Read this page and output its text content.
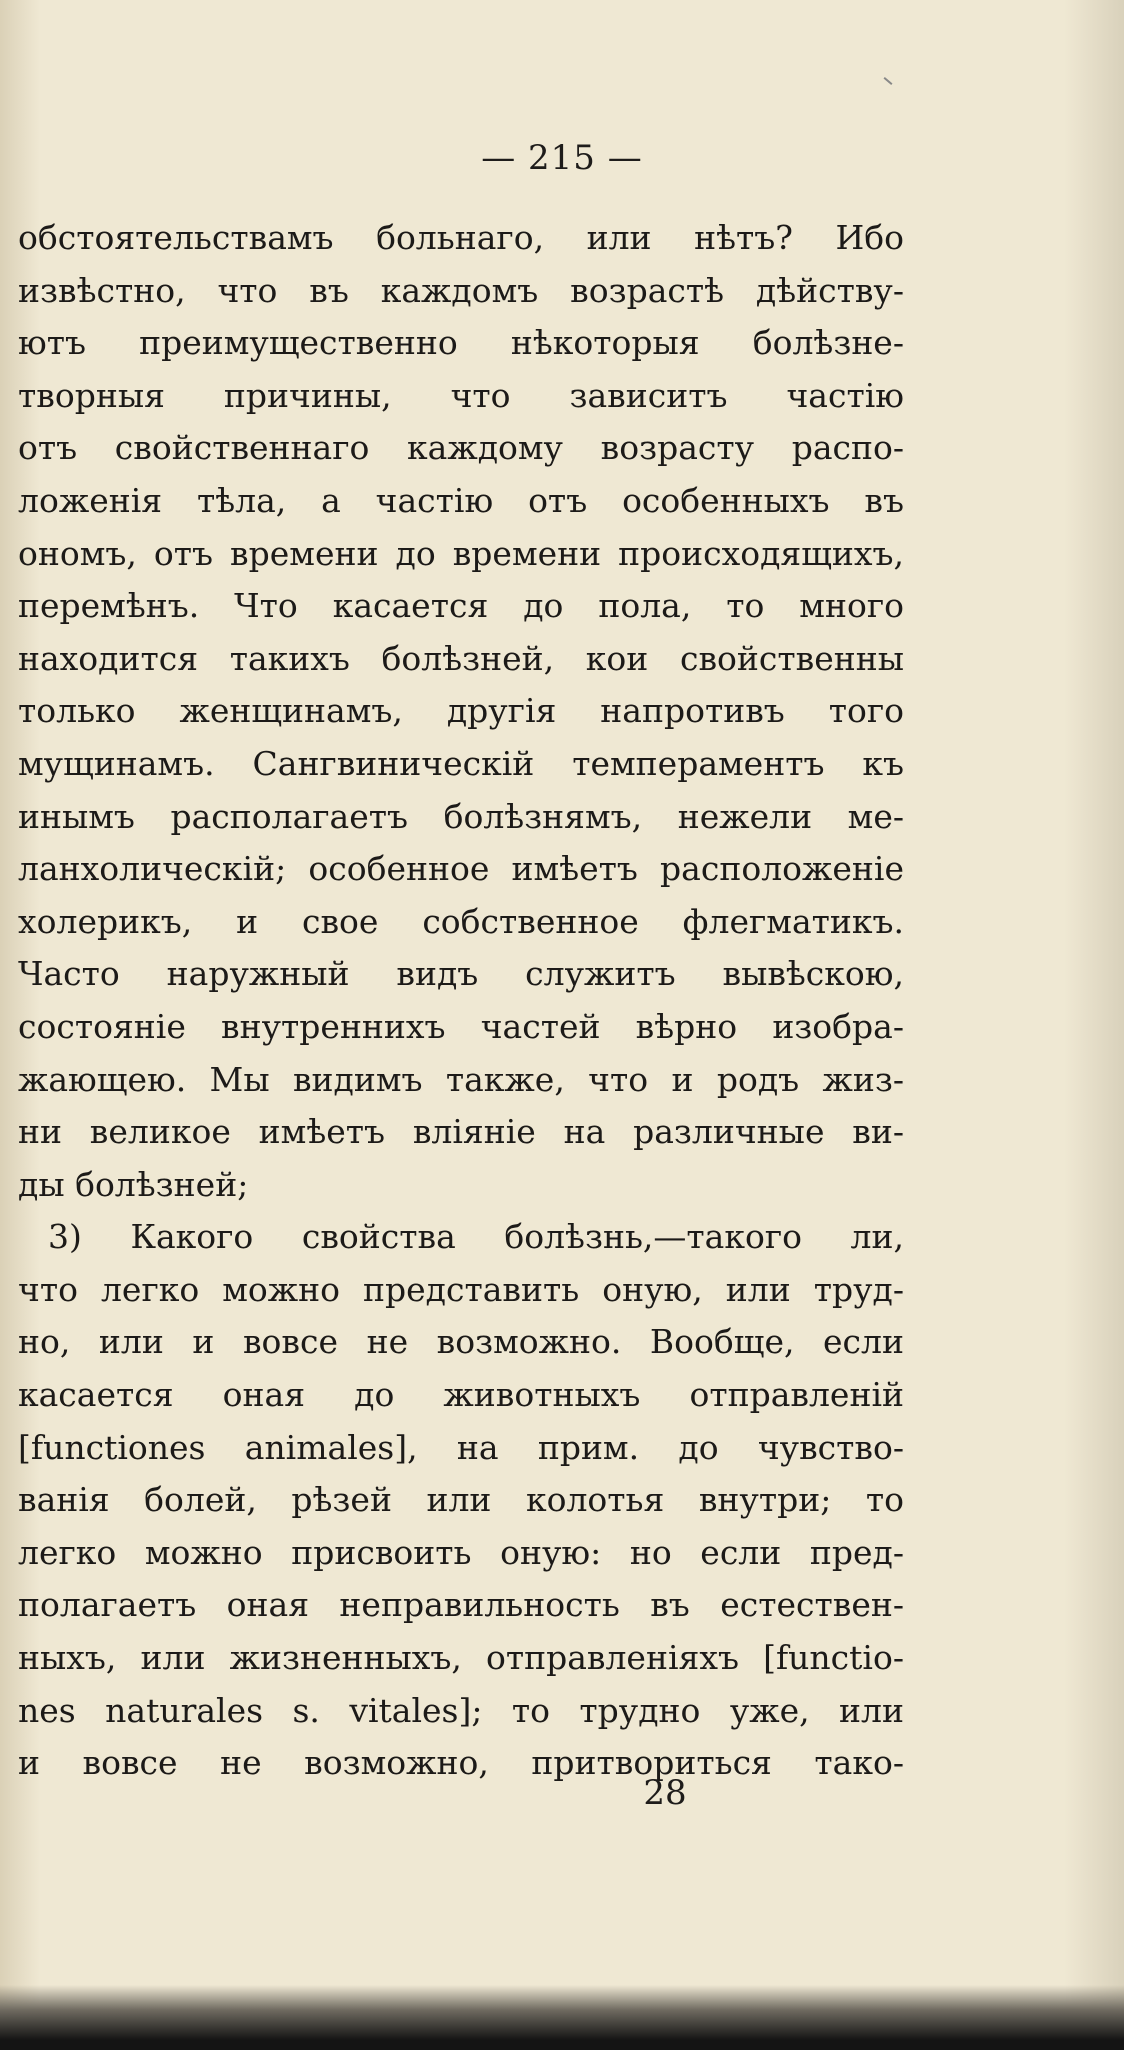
— 215 —
обстоятельствамъ больнаго, или нѣтъ? Ибо
извѣстно, что въ каждомъ возрастѣ дѣйству-
ютъ преимущественно нѣкоторыя болѣзне-
творныя причины, что зависитъ частію
отъ свойственнаго каждому возрасту распо-
ложенія тѣла, а частію отъ особенныхъ въ
ономъ, отъ времени до времени происходящихъ,
перемѣнъ. Что касается до пола, то много
находится такихъ болѣзней, кои свойственны
только женщинамъ, другія напротивъ того
мущинамъ. Сангвиническій темпераментъ къ
инымъ располагаетъ болѣзнямъ, нежели ме-
ланхолическій; особенное имѣетъ расположеніе
холерикъ, и свое собственное флегматикъ.
Часто наружный видъ служитъ вывѣскою,
состояніе внутреннихъ частей вѣрно изобра-
жающею. Мы видимъ также, что и родъ жиз-
ни великое имѣетъ вліяніе на различные ви-
ды болѣзней;
3) Какого свойства болѣзнь,—такого ли,
что легко можно представить оную, или труд-
но, или и вовсе не возможно. Вообще, если
касается оная до животныхъ отправленій
[functiones animales], на прим. до чувство-
ванія болей, рѣзей или колотья внутри; то
легко можно присвоить оную: но если пред-
полагаетъ оная неправильность въ естествен-
ныхъ, или жизненныхъ, отправленіяхъ [functio-
nes naturales s. vitales]; то трудно уже, или
и вовсе не возможно, притвориться тако-
28
